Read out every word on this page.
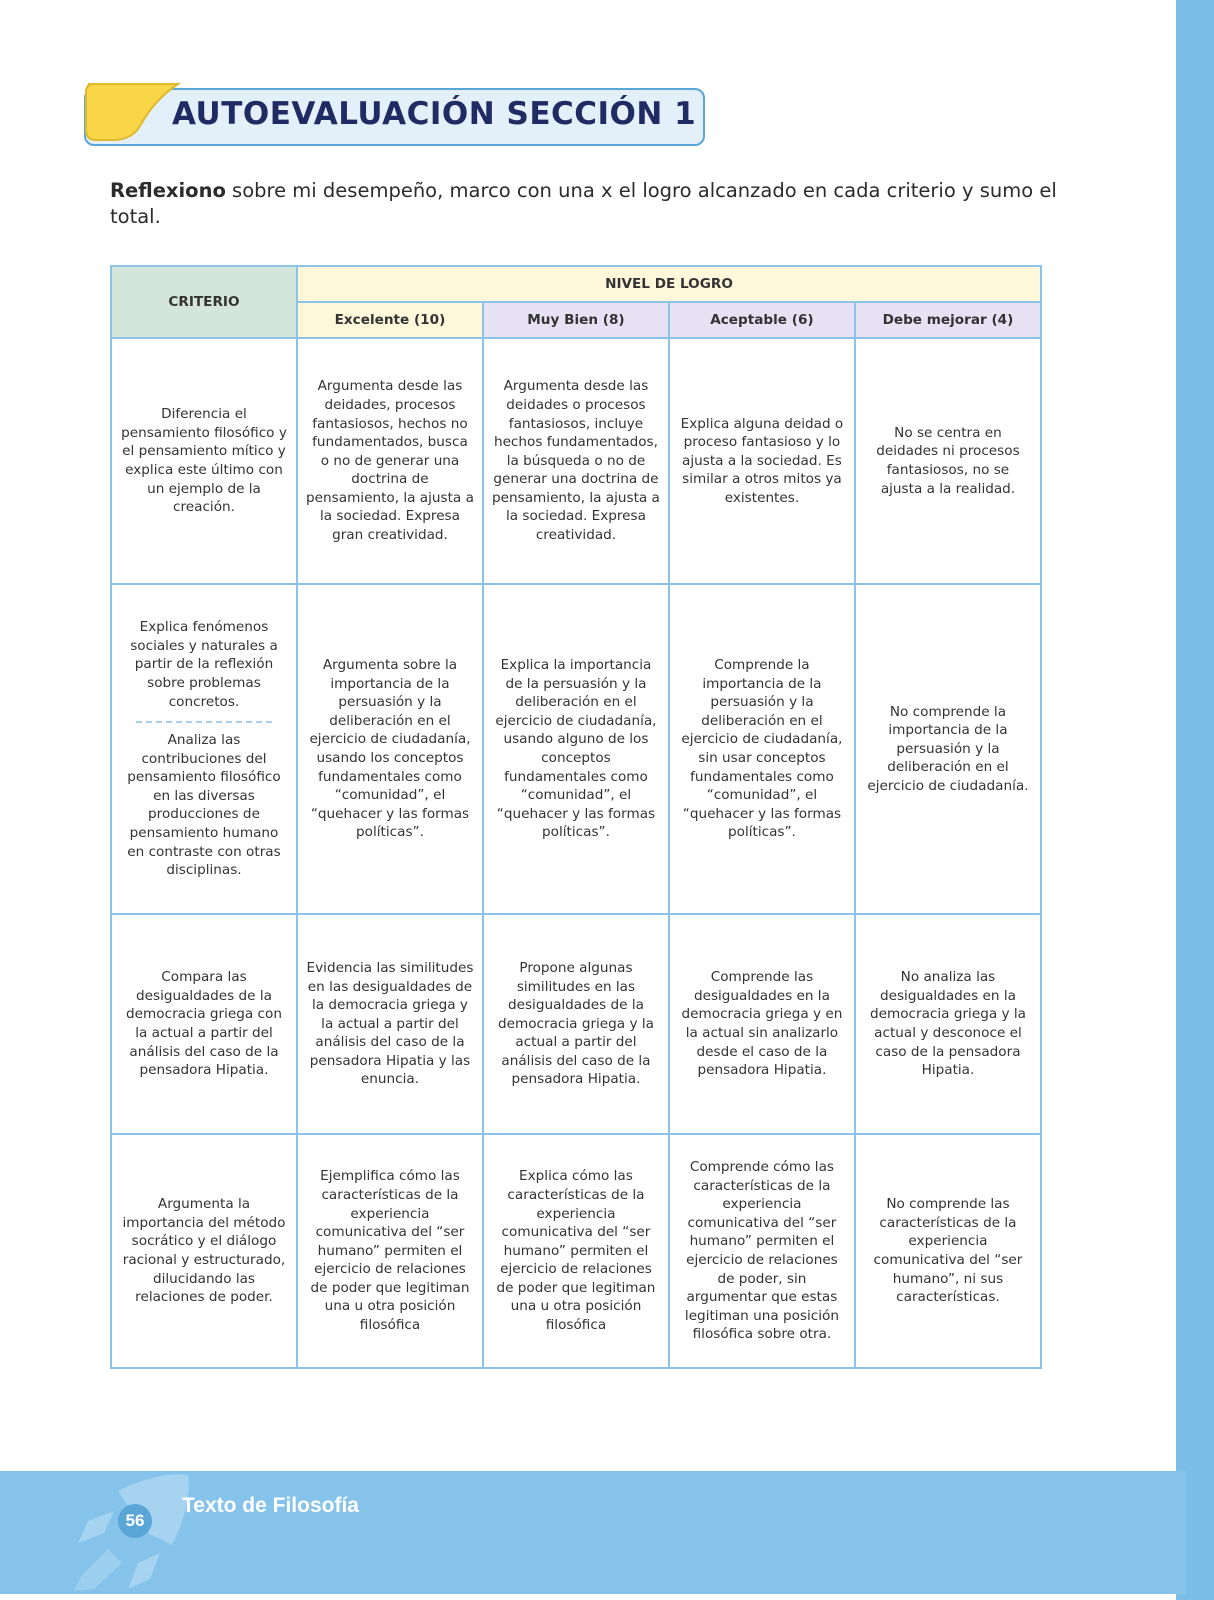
AUTOEVALUACIÓN SECCIÓN 1
Reflexiono sobre mi desempeño, marco con una x el logro alcanzado en cada criterio y sumo el total.
CRITERIO	NIVEL DE LOGRO			
	Excelente (10)	Muy Bien (8)	Aceptable (6)	Debe mejorar (4)
Diferencia el pensamiento filosófico y el pensamiento mítico y explica este último con un ejemplo de la creación.	Argumenta desde las deidades, procesos fantasiosos, hechos no fundamentados, busca o no de generar una doctrina de pensamiento, la ajusta a la sociedad. Expresa gran creatividad.	Argumenta desde las deidades o procesos fantasiosos, incluye hechos fundamentados, la búsqueda o no de generar una doctrina de pensamiento, la ajusta a la sociedad. Expresa creatividad.	Explica alguna deidad o proceso fantasioso y lo ajusta a la sociedad. Es similar a otros mitos ya existentes.	No se centra en deidades ni procesos fantasiosos, no se ajusta a la realidad.

Explica fenómenos sociales y naturales a partir de la reflexión sobre problemas concretos.
Analiza las contribuciones del pensamiento filosófico en las diversas producciones de pensamiento humano en contraste con otras disciplinas.	Argumenta sobre la importancia de la persuasión y la deliberación en el ejercicio de ciudadanía, usando los conceptos fundamentales como “comunidad”, el “quehacer y las formas políticas”.	Explica la importancia de la persuasión y la deliberación en el ejercicio de ciudadanía, usando alguno de los conceptos fundamentales como “comunidad”, el “quehacer y las formas políticas”.	Comprende la importancia de la persuasión y la deliberación en el ejercicio de ciudadanía, sin usar conceptos fundamentales como “comunidad”, el “quehacer y las formas políticas”.	No comprende la importancia de la persuasión y la deliberación en el ejercicio de ciudadanía.
Compara las desigualdades de la democracia griega con la actual a partir del análisis del caso de la pensadora Hipatia.	Evidencia las similitudes en las desigualdades de la democracia griega y la actual a partir del análisis del caso de la pensadora Hipatia y las enuncia.	Propone algunas similitudes en las desigualdades de la democracia griega y la actual a partir del análisis del caso de la pensadora Hipatia.	Comprende las desigualdades en la democracia griega y en la actual sin analizarlo desde el caso de la pensadora Hipatia.	No analiza las desigualdades en la democracia griega y la actual y desconoce el caso de la pensadora Hipatia.
Argumenta la importancia del método socrático y el diálogo racional y estructurado, dilucidando las relaciones de poder.	Ejemplifica cómo las características de la experiencia comunicativa del “ser humano” permiten el ejercicio de relaciones de poder que legitiman una u otra posición filosófica	Explica cómo las características de la experiencia comunicativa del “ser humano” permiten el ejercicio de relaciones de poder que legitiman una u otra posición filosófica	Comprende cómo las características de la experiencia comunicativa del “ser humano” permiten el ejercicio de relaciones de poder, sin argumentar que estas legitiman una posición filosófica sobre otra.	No comprende las características de la experiencia comunicativa del “ser humano”, ni sus características.
56
Texto de Filosofía
